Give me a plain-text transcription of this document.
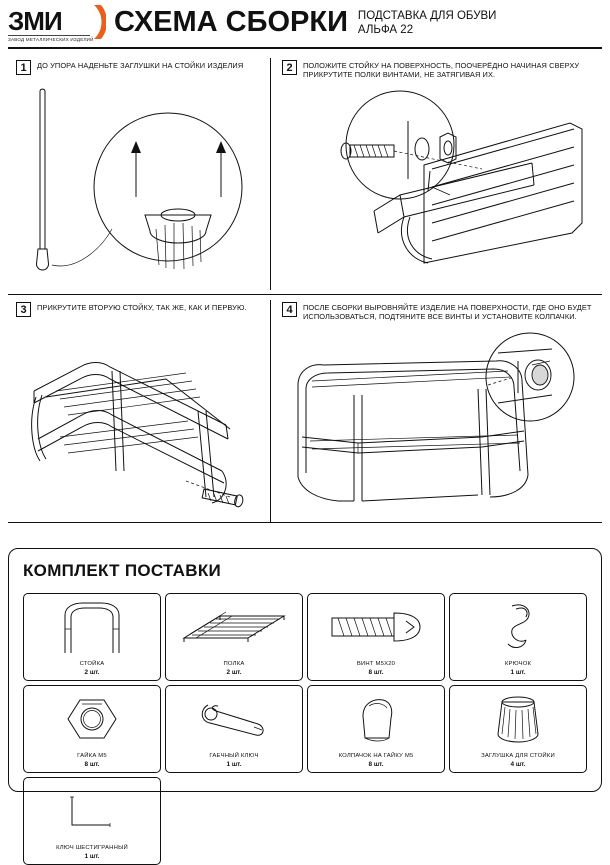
ЗМИ
ЗАВОД МЕТАЛЛИЧЕСКИХ ИЗДЕЛИЙ
СХЕМА СБОРКИ ПОДСТАВКА ДЛЯ ОБУВИ
АЛЬФА 22
1	ДО УПОРА НАДЕНЬТЕ ЗАГЛУШКИ НА СТОЙКИ ИЗДЕЛИЯ	2	ПОЛОЖИТЕ СТОЙКУ НА ПОВЕРХНОСТЬ, ПООЧЕРЁДНО НАЧИНАЯ СВЕРХУ ПРИКРУТИТЕ ПОЛКИ ВИНТАМИ, НЕ ЗАТЯГИВАЯ ИХ.
3	ПРИКРУТИТЕ ВТОРУЮ СТОЙКУ, ТАК ЖЕ, КАК И ПЕРВУЮ.	4	ПОСЛЕ СБОРКИ ВЫРОВНЯЙТЕ ИЗДЕЛИЕ НА ПОВЕРХНОСТИ, ГДЕ ОНО БУДЕТ ИСПОЛЬЗОВАТЬСЯ, ПОДТЯНИТЕ ВСЕ ВИНТЫ И УСТАНОВИТЕ КОЛПАЧКИ.
КОМПЛЕКТ ПОСТАВКИ
СТОЙКА
2 шт.
ПОЛКА
2 шт.
ВИНТ М5Х20
8 шт.
КРЮЧОК
1 шт.
ГАЙКА М5
8 шт.
ГАЕЧНЫЙ КЛЮЧ
1 шт.
КОЛПАЧОК НА ГАЙКУ М5
8 шт.
ЗАГЛУШКА ДЛЯ СТОЙКИ
4 шт.
КЛЮЧ ШЕСТИГРАННЫЙ
1 шт.
